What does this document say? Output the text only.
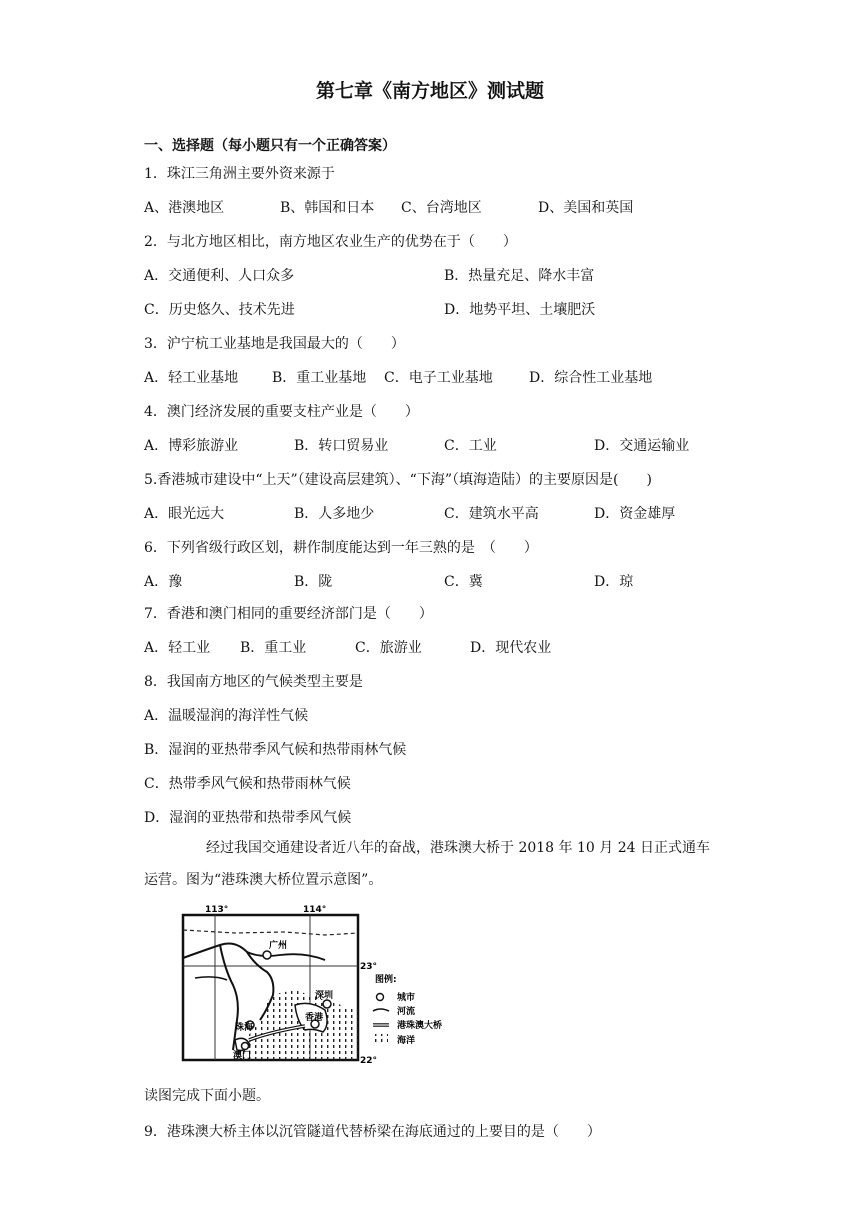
第七章《南方地区》测试题
一、选择题（每小题只有一个正确答案）
1．珠江三角洲主要外资来源于
A、港澳地区	B、韩国和日本 C、台湾地区	D、美国和英国
2．与北方地区相比，南方地区农业生产的优势在于（　　）
A．交通便利、人口众多	B．热量充足、降水丰富
C．历史悠久、技术先进	D．地势平坦、土壤肥沃
3．沪宁杭工业基地是我国最大的（　　）
A．轻工业基地 B．重工业基地 C．电子工业基地	D．综合性工业基地
4．澳门经济发展的重要支柱产业是（　　）
A．博彩旅游业	B．转口贸易业	C．工业	D．交通运输业
5.香港城市建设中“上天”（建设高层建筑）、“下海”（填海造陆）的主要原因是(　　)
A．眼光远大	B．人多地少	C．建筑水平高	D．资金雄厚
6．下列省级行政区划，耕作制度能达到一年三熟的是　（　　）
A．豫	B．陇	C．冀	D．琼
7．香港和澳门相同的重要经济部门是（　　）
A．轻工业 B．重工业	C．旅游业	D．现代农业
8．我国南方地区的气候类型主要是
A．温暖湿润的海洋性气候
B．湿润的亚热带季风气候和热带雨林气候
C．热带季风气候和热带雨林气候
D．湿润的亚热带和热带季风气候
经过我国交通建设者近八年的奋战，港珠澳大桥于 2018 年 10 月 24 日正式通车运营。图为“港珠澳大桥位置示意图”。
113°	114°
23°
22°
广州
深圳
珠海
香港
澳门
图例:
城市
河流
港珠澳大桥
海洋
读图完成下面小题。
9．港珠澳大桥主体以沉管隧道代替桥梁在海底通过的上要目的是（　　）
